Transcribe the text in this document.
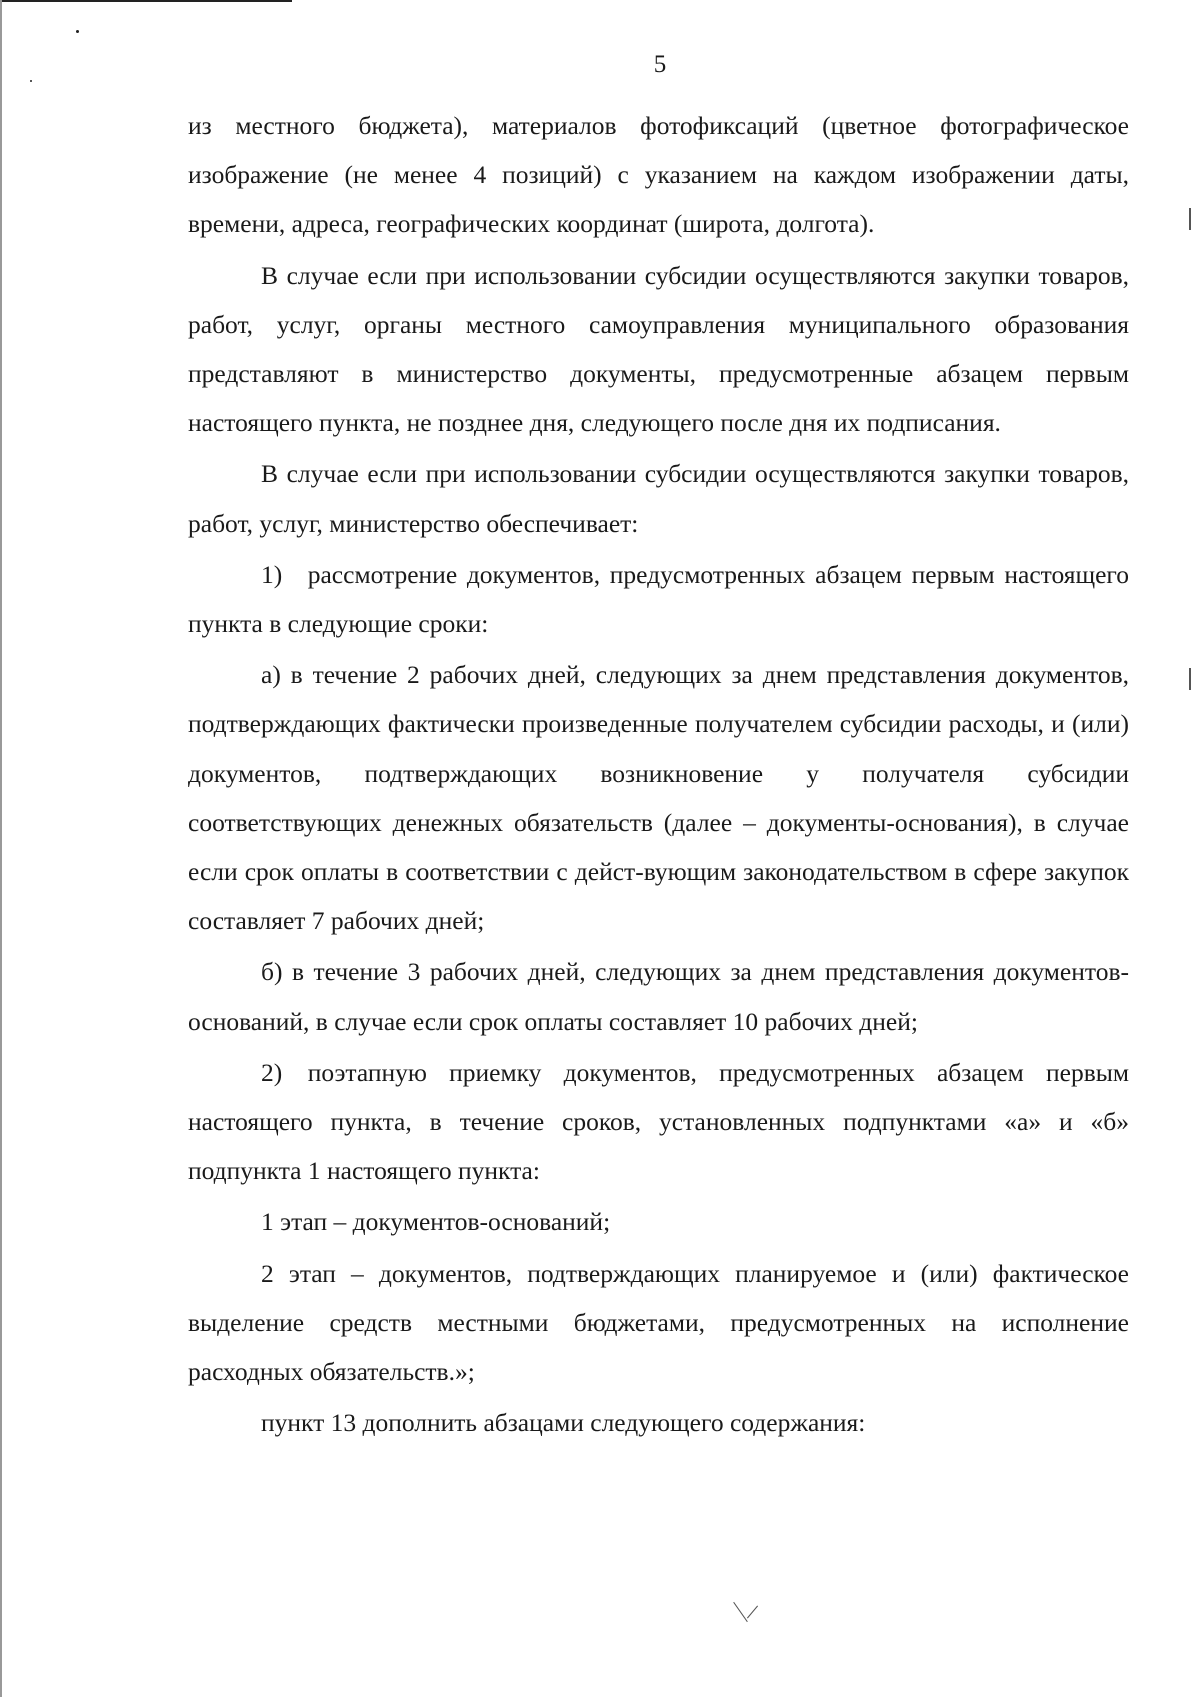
5

из местного бюджета), материалов фотофиксаций (цветное фотографическое изображение (не менее 4 позиций) с указанием на каждом изображении даты, времени, адреса, географических координат (широта, долгота).

В случае если при использовании субсидии осуществляются закупки товаров, работ, услуг, органы местного самоуправления муниципального образования представляют в министерство документы, предусмотренные абзацем первым настоящего пункта, не позднее дня, следующего после дня их подписания.

В случае если при использовании субсидии осуществляются закупки товаров, работ, услуг, министерство обеспечивает:

1) рассмотрение документов, предусмотренных абзацем первым настоящего пункта в следующие сроки:

а) в течение 2 рабочих дней, следующих за днем представления документов, подтверждающих фактически произведенные получателем субсидии расходы, и (или) документов, подтверждающих возникновение у получателя субсидии соответствующих денежных обязательств (далее – документы-основания), в случае если срок оплаты в соответствии с дейст-вующим законодательством в сфере закупок составляет 7 рабочих дней;

б) в течение 3 рабочих дней, следующих за днем представления документов-оснований, в случае если срок оплаты составляет 10 рабочих дней;

2) поэтапную приемку документов, предусмотренных абзацем первым настоящего пункта, в течение сроков, установленных подпунктами «а» и «б» подпункта 1 настоящего пункта:

1 этап – документов-оснований;

2 этап – документов, подтверждающих планируемое и (или) фактическое выделение средств местными бюджетами, предусмотренных на исполнение расходных обязательств.»;

пункт 13 дополнить абзацами следующего содержания:
